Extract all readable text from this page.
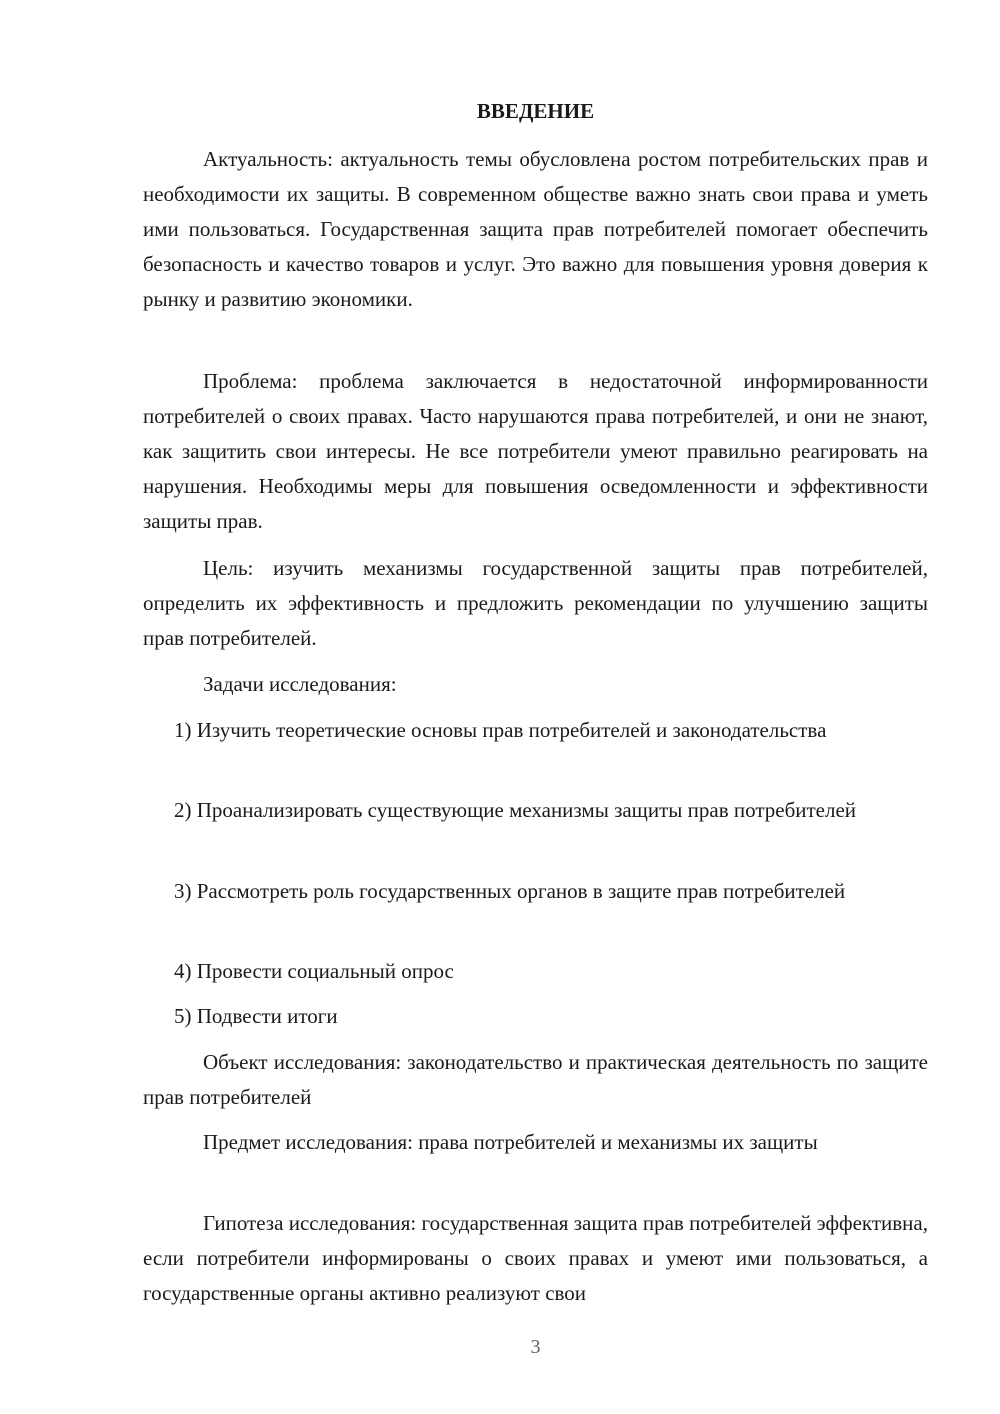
ВВЕДЕНИЕ

Актуальность: актуальность темы обусловлена ростом потребительских прав и необходимости их защиты. В современном обществе важно знать свои права и уметь ими пользоваться. Государственная защита прав потребителей помогает обеспечить безопасность и качество товаров и услуг. Это важно для повышения уровня доверия к рынку и развитию экономики.

Проблема: проблема заключается в недостаточной информированности потребителей о своих правах. Часто нарушаются права потребителей, и они не знают, как защитить свои интересы. Не все потребители умеют правильно реагировать на нарушения. Необходимы меры для повышения осведомленности и эффективности защиты прав.

Цель: изучить механизмы государственной защиты прав потребителей, определить их эффективность и предложить рекомендации по улучшению защиты прав потребителей.

Задачи исследования:

1) Изучить теоретические основы прав потребителей и законодательства

2) Проанализировать существующие механизмы защиты прав потребителей

3) Рассмотреть роль государственных органов в защите прав потребителей

4) Провести социальный опрос

5) Подвести итоги

Объект исследования: законодательство и практическая деятельность по защите прав потребителей

Предмет исследования: права потребителей и механизмы их защиты

Гипотеза исследования: государственная защита прав потребителей эффективна, если потребители информированы о своих правах и умеют ими пользоваться, а государственные органы активно реализуют свои

3
